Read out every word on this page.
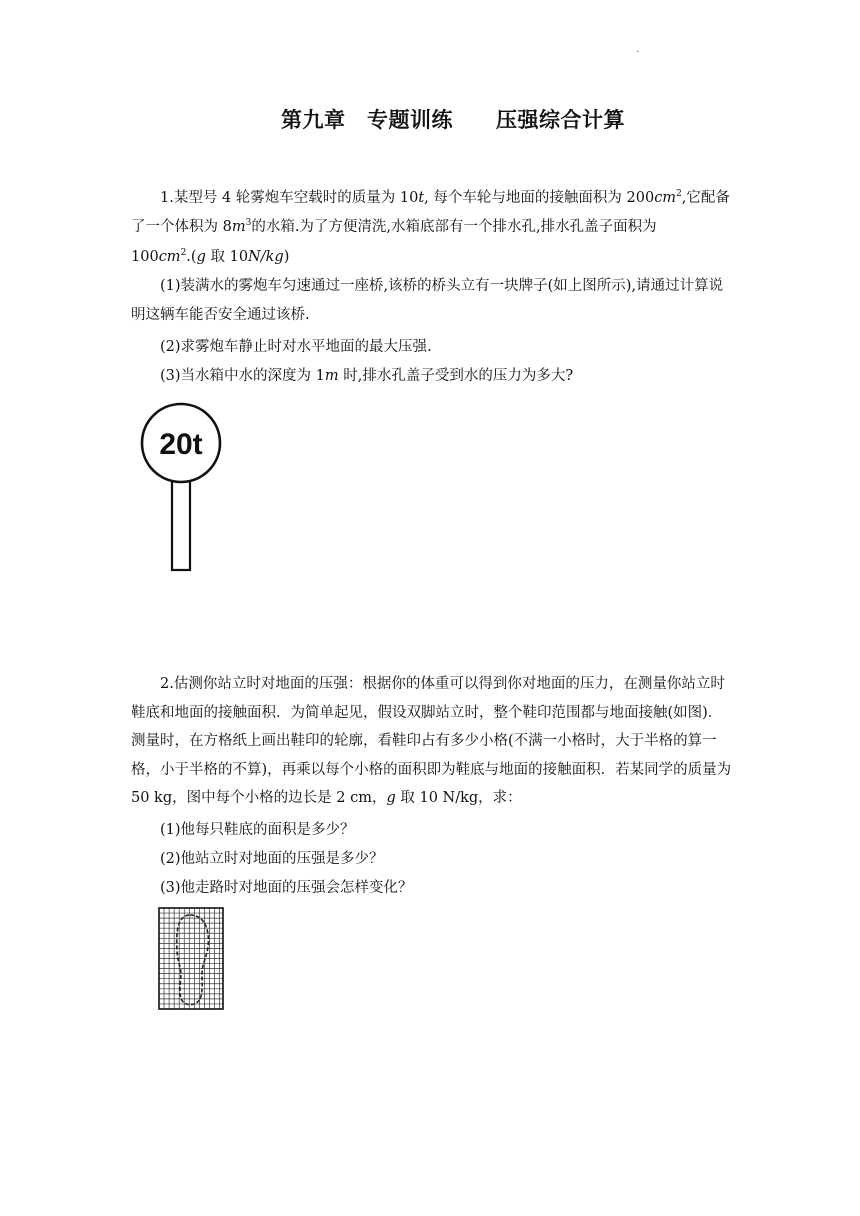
.
第九章　专题训练　　压强综合计算
1.某型号 4 轮雾炮车空载时的质量为 10t, 每个车轮与地面的接触面积为 $200cm^2$,它配备了一个体积为 $8m^3$的水箱.为了方便清洗,水箱底部有一个排水孔,排水孔盖子面积为
$100cm^2.(g$ 取 10N/kg)
(1)装满水的雾炮车匀速通过一座桥,该桥的桥头立有一块牌子(如上图所示),请通过计算说明这辆车能否安全通过该桥.
(2)求雾炮车静止时对水平地面的最大压强.
(3)当水箱中水的深度为 1m 时,排水孔盖子受到水的压力为多大?
20t
2.估测你站立时对地面的压强：根据你的体重可以得到你对地面的压力，在测量你站立时鞋底和地面的接触面积．为简单起见，假设双脚站立时，整个鞋印范围都与地面接触(如图)．测量时，在方格纸上画出鞋印的轮廓，看鞋印占有多少小格(不满一小格时，大于半格的算一格，小于半格的不算)，再乘以每个小格的面积即为鞋底与地面的接触面积．若某同学的质量为 50 kg，图中每个小格的边长是 2 cm，g 取 10 N/kg，求：
(1)他每只鞋底的面积是多少？
(2)他站立时对地面的压强是多少？
(3)他走路时对地面的压强会怎样变化？
